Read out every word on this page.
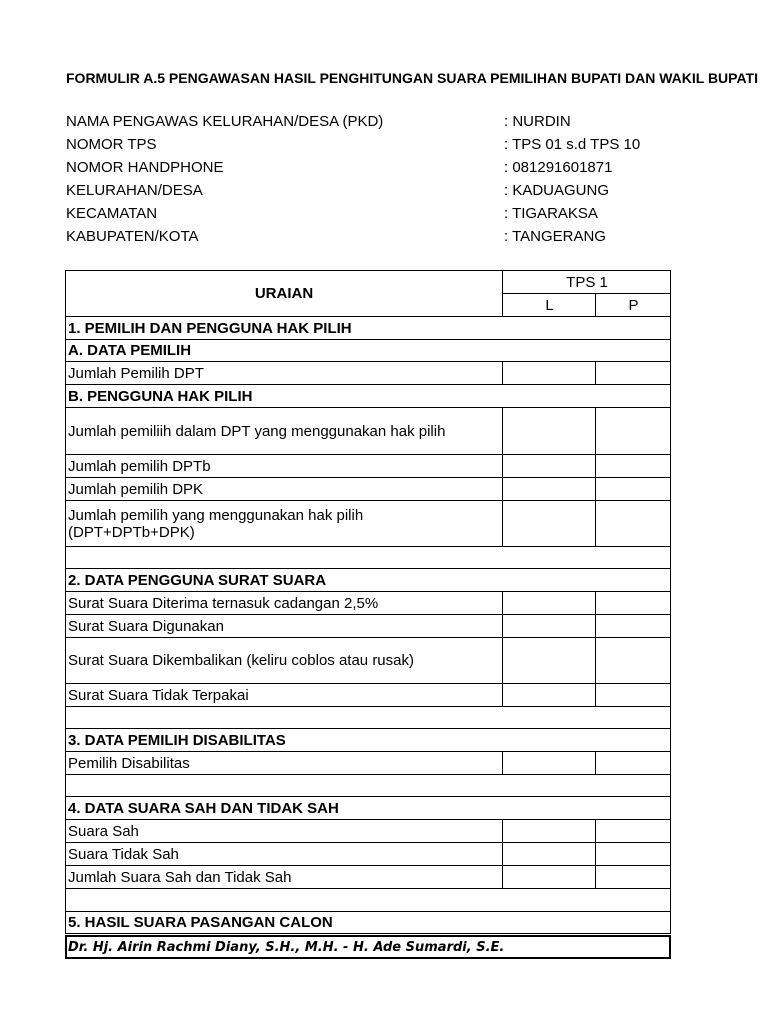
FORMULIR A.5 PENGAWASAN HASIL PENGHITUNGAN SUARA PEMILIHAN BUPATI DAN WAKIL BUPATI
NAMA PENGAWAS KELURAHAN/DESA (PKD)	: NURDIN
NOMOR TPS	: TPS 01 s.d TPS 10
NOMOR HANDPHONE	: 081291601871
KELURAHAN/DESA	: KADUAGUNG
KECAMATAN	: TIGARAKSA
KABUPATEN/KOTA	: TANGERANG
URAIAN
TPS 1
L	P
1. PEMILIH DAN PENGGUNA HAK PILIH
A. DATA PEMILIH
Jumlah Pemilih DPT
B. PENGGUNA HAK PILIH
Jumlah pemiliih dalam DPT yang menggunakan hak pilih
Jumlah pemilih DPTb
Jumlah pemilih DPK
Jumlah pemilih yang menggunakan hak pilih (DPT+DPTb+DPK)
2. DATA PENGGUNA SURAT SUARA
Surat Suara Diterima ternasuk cadangan 2,5%
Surat Suara Digunakan
Surat Suara Dikembalikan (keliru coblos atau rusak)
Surat Suara Tidak Terpakai
3. DATA PEMILIH DISABILITAS
Pemilih Disabilitas
4. DATA SUARA SAH DAN TIDAK SAH
Suara Sah
Suara Tidak Sah
Jumlah Suara Sah dan Tidak Sah
5. HASIL SUARA PASANGAN CALON
Dr. Hj. Airin Rachmi Diany, S.H., M.H. - H. Ade Sumardi, S.E.
